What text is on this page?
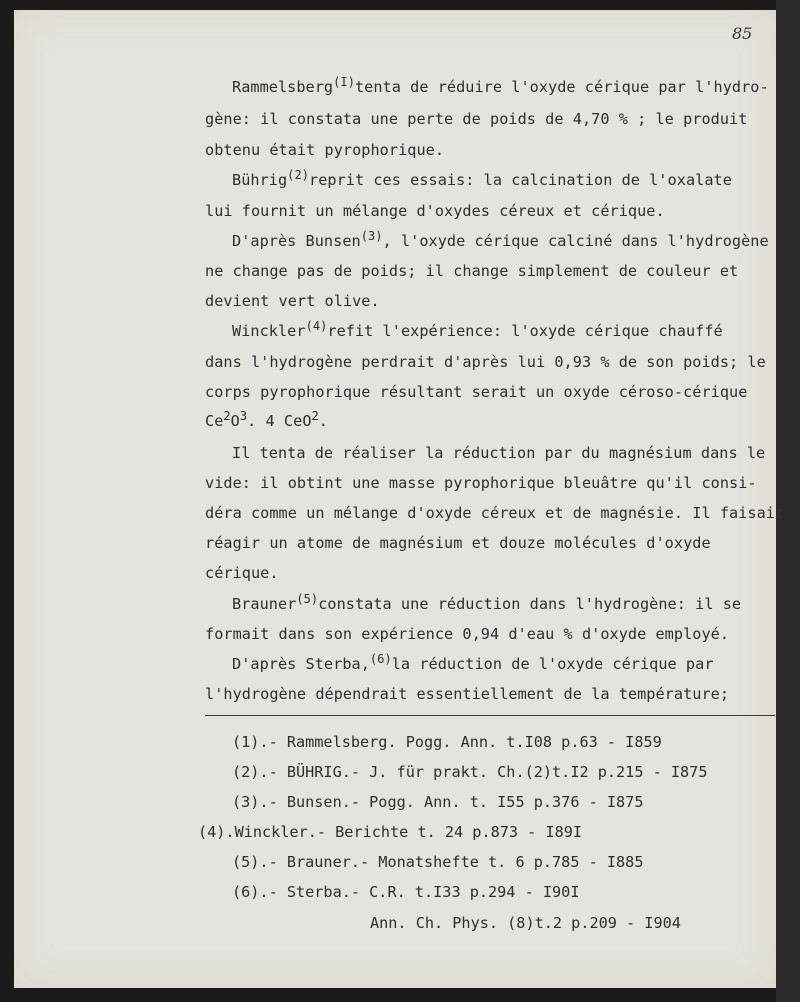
85
Rammelsberg$^{(I)}$tenta de réduire l'oxyde cérique par l'hydro-
gène: il constata une perte de poids de 4,70 % ; le produit
obtenu était pyrophorique.
Bührig$^{(2)}$reprit ces essais: la calcination de l'oxalate
lui fournit un mélange d'oxydes céreux et cérique.
D'après Bunsen$^{(3)}$, l'oxyde cérique calciné dans l'hydrogène
ne change pas de poids; il change simplement de couleur et
devient vert olive.
Winckler$^{(4)}$refit l'expérience: l'oxyde cérique chauffé
dans l'hydrogène perdrait d'après lui 0,93 % de son poids; le
corps pyrophorique résultant serait un oxyde céroso-cérique
$Ce^2O^3$. 4 CeO$^2$.
Il tenta de réaliser la réduction par du magnésium dans le
vide: il obtint une masse pyrophorique bleuâtre qu'il consi-
déra comme un mélange d'oxyde céreux et de magnésie. Il faisait
réagir un atome de magnésium et douze molécules d'oxyde
cérique.
Brauner$^{(5)}$constata une réduction dans l'hydrogène: il se
formait dans son expérience 0,94 d'eau % d'oxyde employé.
D'après Sterba,$^{(6)}$la réduction de l'oxyde cérique par
l'hydrogène dépendrait essentiellement de la température;
(1).- Rammelsberg. Pogg. Ann. t.I08 p.63 - I859
(2).- BÜHRIG.- J. für prakt. Ch.(2)t.I2 p.215 - I875
(3).- Bunsen.- Pogg. Ann. t. I55 p.376 - I875
(4).Winckler.- Berichte t. 24 p.873 - I89I
(5).- Brauner.- Monatshefte t. 6 p.785 - I885
(6).- Sterba.- C.R. t.I33 p.294 - I90I
Ann. Ch. Phys. (8)t.2 p.209 - I904
